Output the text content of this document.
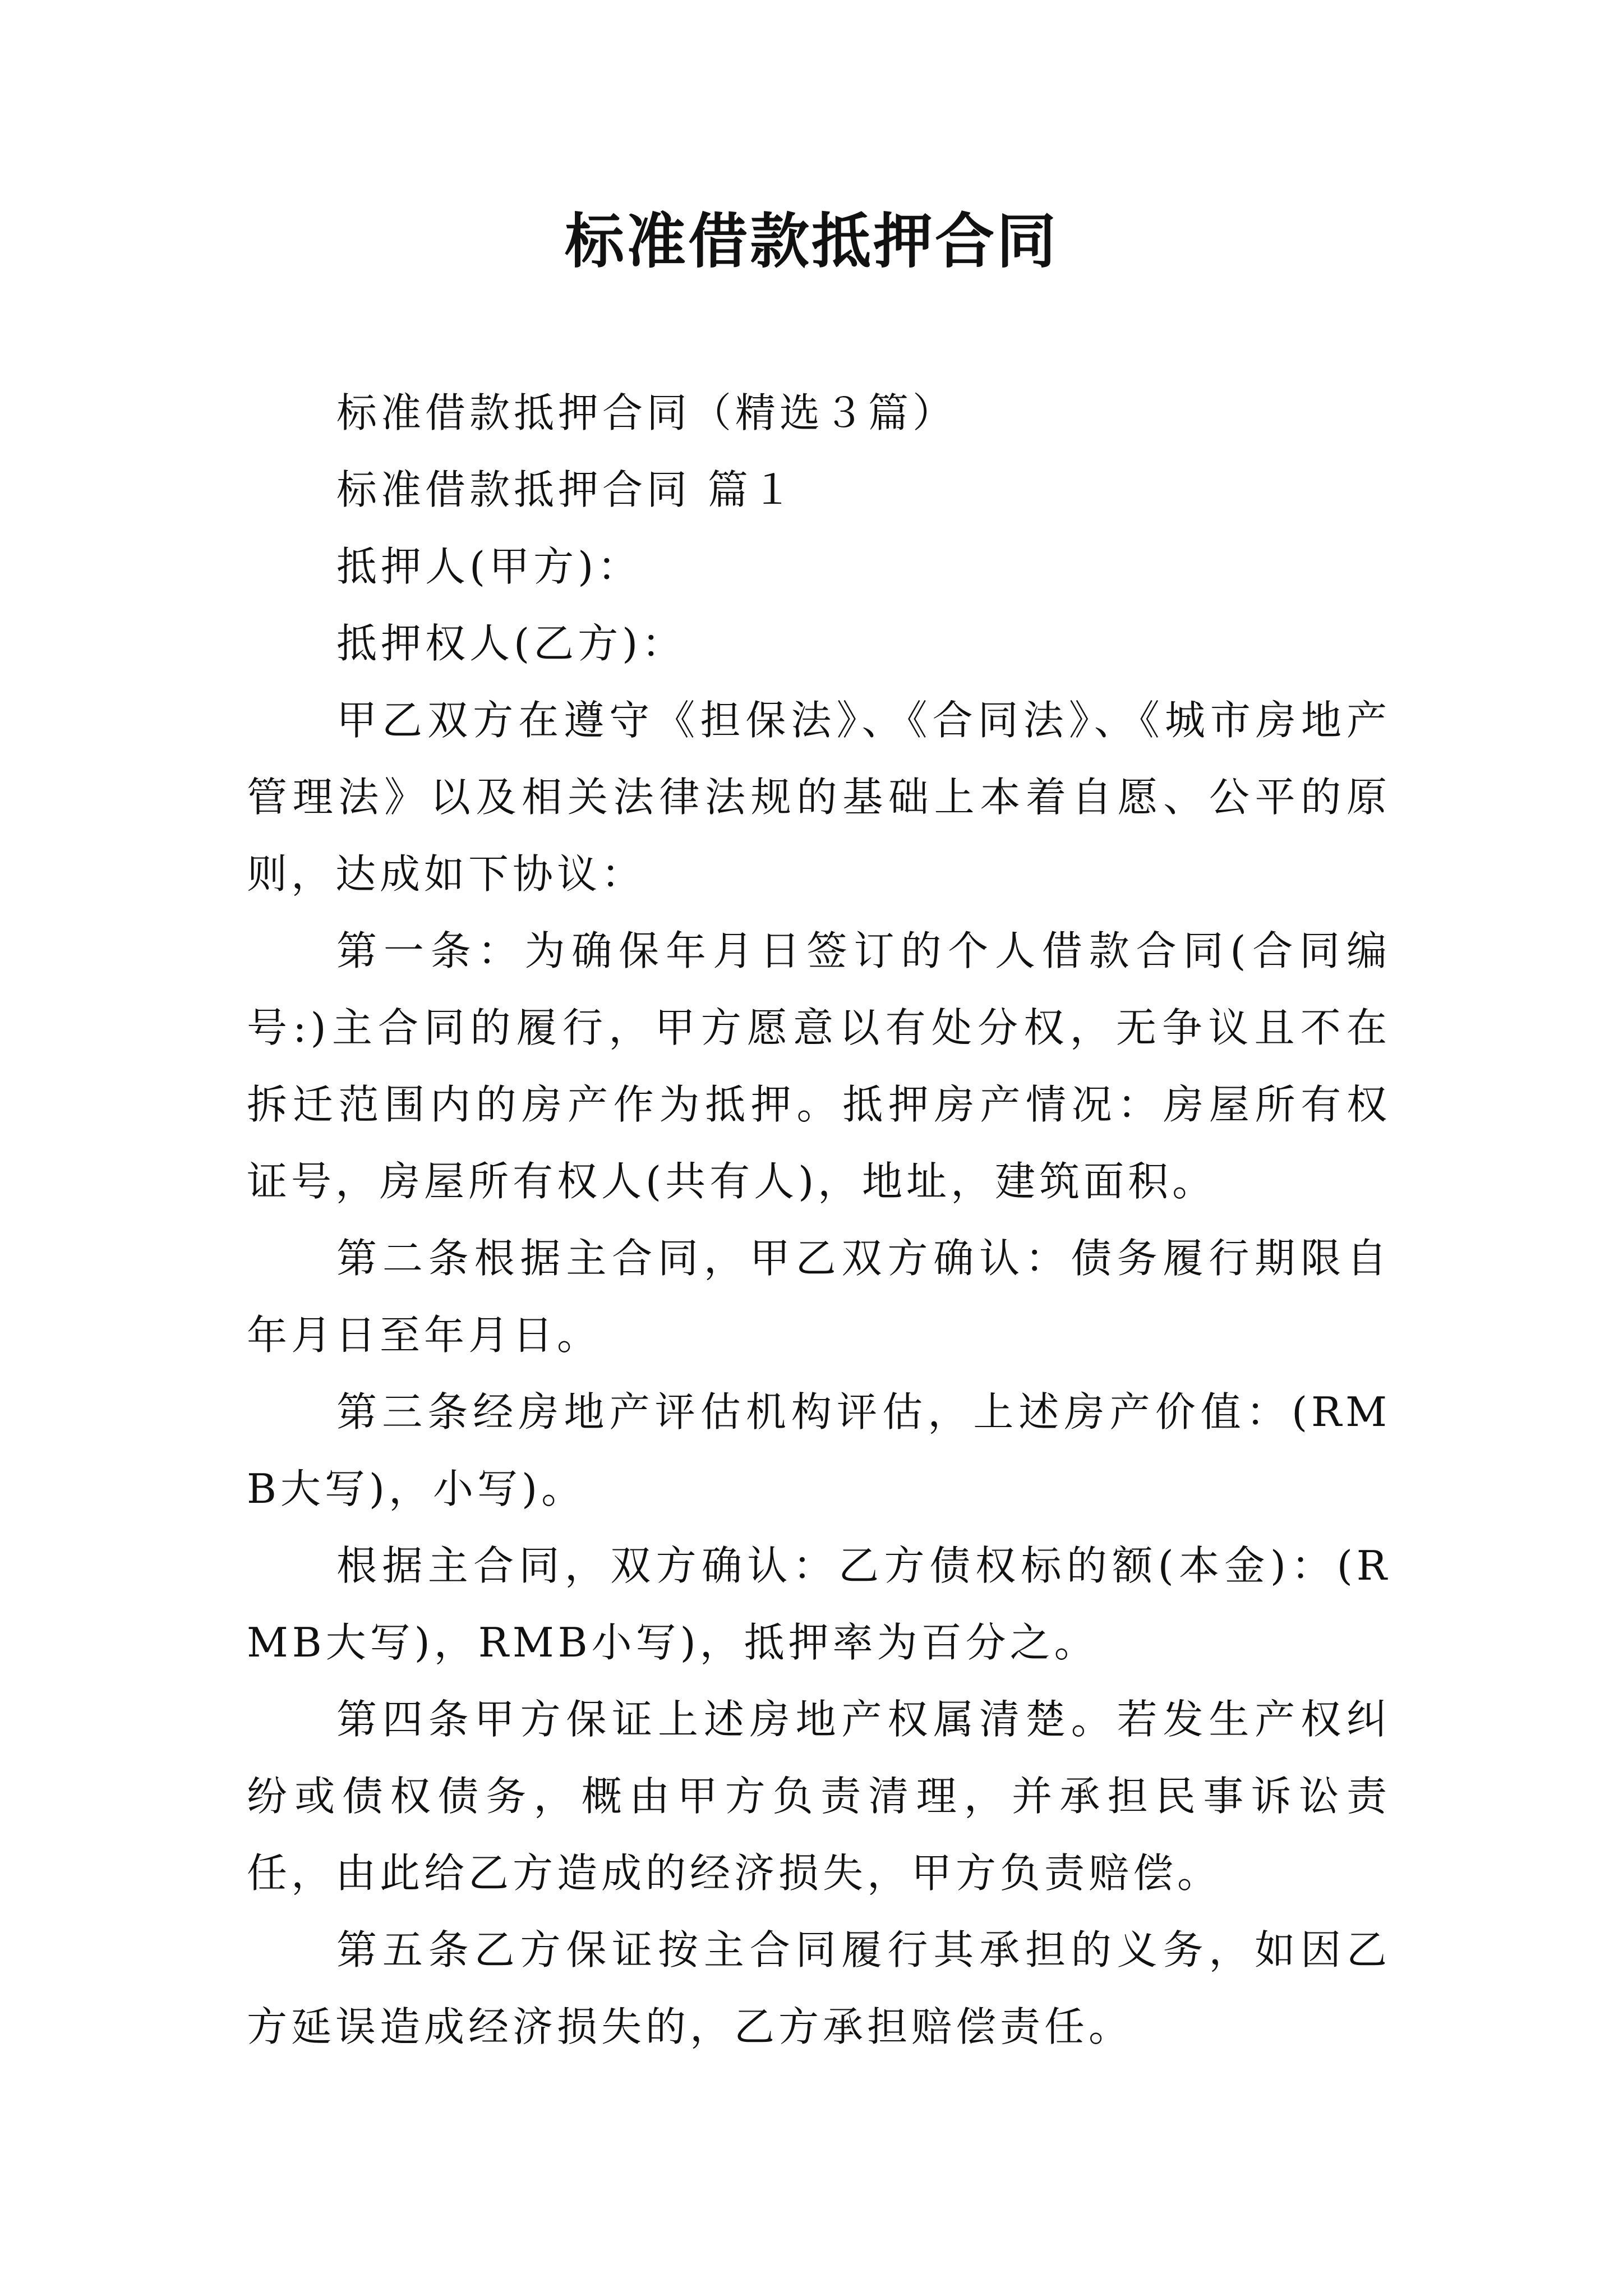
标准借款抵押合同

标准借款抵押合同（精选３篇）

标准借款抵押合同 篇１

抵押人(甲方)：

抵押权人(乙方)：

甲乙双方在遵守《担保法》、《合同法》、《城市房地产管理法》以及相关法律法规的基础上本着自愿、公平的原则，达成如下协议：

第一条：为确保年月日签订的个人借款合同(合同编号:)主合同的履行，甲方愿意以有处分权，无争议且不在拆迁范围内的房产作为抵押。抵押房产情况：房屋所有权证号，房屋所有权人(共有人)，地址，建筑面积。

第二条根据主合同，甲乙双方确认：债务履行期限自年月日至年月日。

第三条经房地产评估机构评估，上述房产价值：(RMB大写)，小写)。

根据主合同，双方确认：乙方债权标的额(本金)：(RMB大写)，RMB小写)，抵押率为百分之。

第四条甲方保证上述房地产权属清楚。若发生产权纠纷或债权债务，概由甲方负责清理，并承担民事诉讼责任，由此给乙方造成的经济损失，甲方负责赔偿。

第五条乙方保证按主合同履行其承担的义务，如因乙方延误造成经济损失的，乙方承担赔偿责任。
